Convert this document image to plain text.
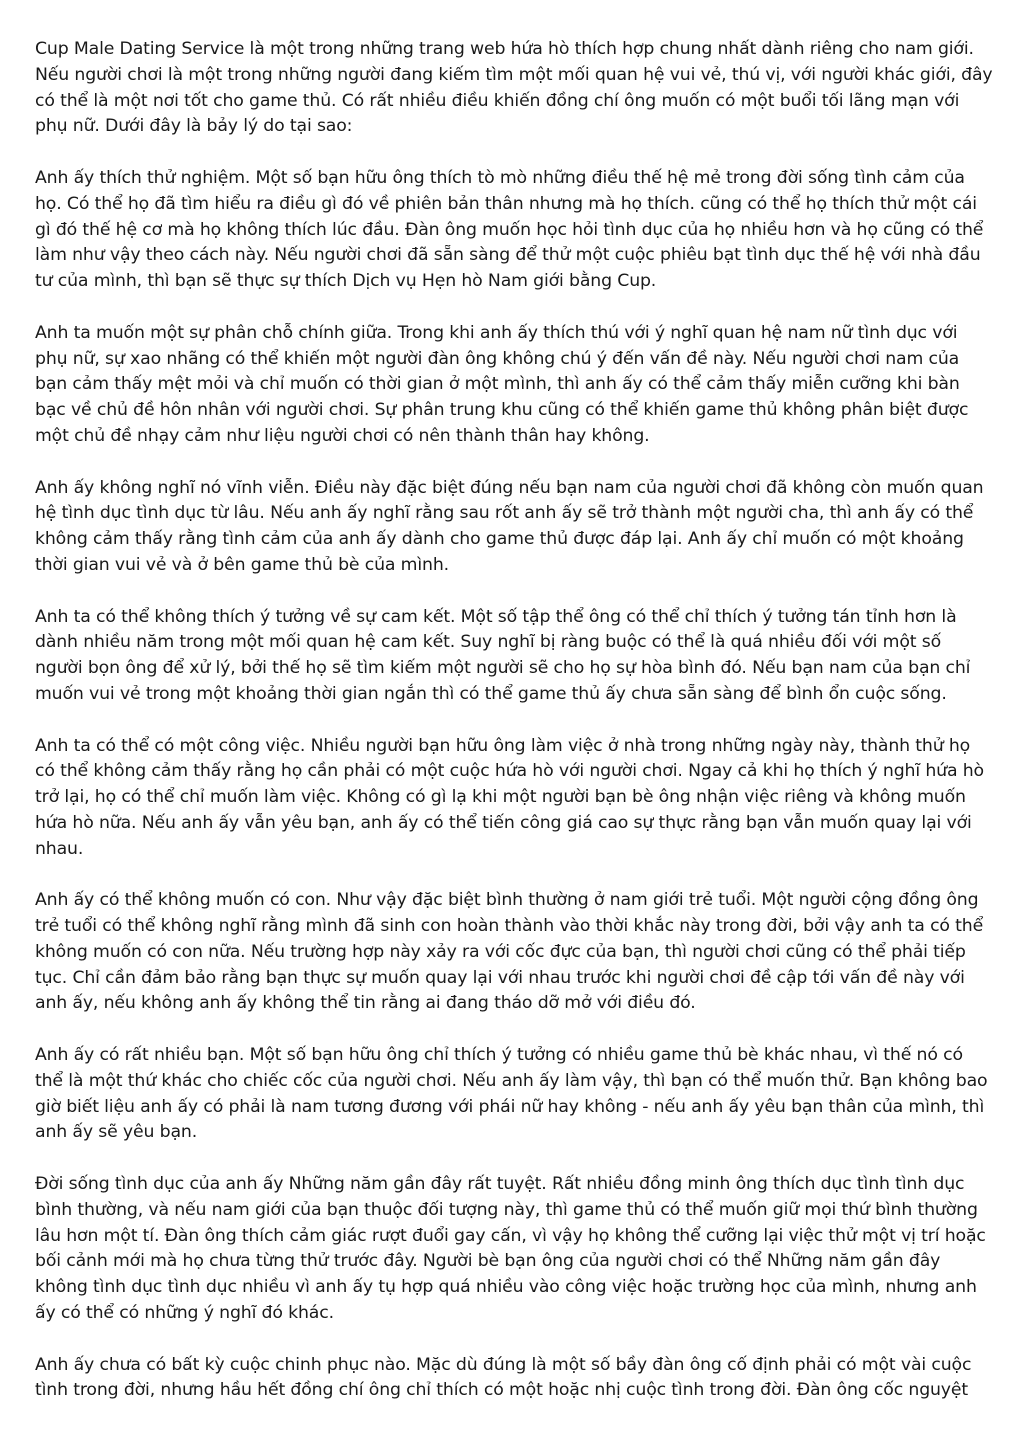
Cup Male Dating Service là một trong những trang web hứa hò thích hợp chung nhất dành riêng cho nam giới. Nếu người chơi là một trong những người đang kiếm tìm một mối quan hệ vui vẻ, thú vị, với người khác giới, đây có thể là một nơi tốt cho game thủ. Có rất nhiều điều khiến đồng chí ông muốn có một buổi tối lãng mạn với phụ nữ. Dưới đây là bảy lý do tại sao:

Anh ấy thích thử nghiệm. Một số bạn hữu ông thích tò mò những điều thế hệ mẻ trong đời sống tình cảm của họ. Có thể họ đã tìm hiểu ra điều gì đó về phiên bản thân nhưng mà họ thích. cũng có thể họ thích thử một cái gì đó thế hệ cơ mà họ không thích lúc đầu. Đàn ông muốn học hỏi tình dục của họ nhiều hơn và họ cũng có thể làm như vậy theo cách này. Nếu người chơi đã sẵn sàng để thử một cuộc phiêu bạt tình dục thế hệ với nhà đầu tư của mình, thì bạn sẽ thực sự thích Dịch vụ Hẹn hò Nam giới bằng Cup.

Anh ta muốn một sự phân chỗ chính giữa. Trong khi anh ấy thích thú với ý nghĩ quan hệ nam nữ tình dục với phụ nữ, sự xao nhãng có thể khiến một người đàn ông không chú ý đến vấn đề này. Nếu người chơi nam của bạn cảm thấy mệt mỏi và chỉ muốn có thời gian ở một mình, thì anh ấy có thể cảm thấy miễn cưỡng khi bàn bạc về chủ đề hôn nhân với người chơi. Sự phân trung khu cũng có thể khiến game thủ không phân biệt được một chủ đề nhạy cảm như liệu người chơi có nên thành thân hay không.

Anh ấy không nghĩ nó vĩnh viễn. Điều này đặc biệt đúng nếu bạn nam của người chơi đã không còn muốn quan hệ tình dục tình dục từ lâu. Nếu anh ấy nghĩ rằng sau rốt anh ấy sẽ trở thành một người cha, thì anh ấy có thể không cảm thấy rằng tình cảm của anh ấy dành cho game thủ được đáp lại. Anh ấy chỉ muốn có một khoảng thời gian vui vẻ và ở bên game thủ bè của mình.

Anh ta có thể không thích ý tưởng về sự cam kết. Một số tập thể ông có thể chỉ thích ý tưởng tán tỉnh hơn là dành nhiều năm trong một mối quan hệ cam kết. Suy nghĩ bị ràng buộc có thể là quá nhiều đối với một số người bọn ông để xử lý, bởi thế họ sẽ tìm kiếm một người sẽ cho họ sự hòa bình đó. Nếu bạn nam của bạn chỉ muốn vui vẻ trong một khoảng thời gian ngắn thì có thể game thủ ấy chưa sẵn sàng để bình ổn cuộc sống.

Anh ta có thể có một công việc. Nhiều người bạn hữu ông làm việc ở nhà trong những ngày này, thành thử họ có thể không cảm thấy rằng họ cần phải có một cuộc hứa hò với người chơi. Ngay cả khi họ thích ý nghĩ hứa hò trở lại, họ có thể chỉ muốn làm việc. Không có gì lạ khi một người bạn bè ông nhận việc riêng và không muốn hứa hò nữa. Nếu anh ấy vẫn yêu bạn, anh ấy có thể tiến công giá cao sự thực rằng bạn vẫn muốn quay lại với nhau.

Anh ấy có thể không muốn có con. Như vậy đặc biệt bình thường ở nam giới trẻ tuổi. Một người cộng đồng ông trẻ tuổi có thể không nghĩ rằng mình đã sinh con hoàn thành vào thời khắc này trong đời, bởi vậy anh ta có thể không muốn có con nữa. Nếu trường hợp này xảy ra với cốc đực của bạn, thì người chơi cũng có thể phải tiếp tục. Chỉ cần đảm bảo rằng bạn thực sự muốn quay lại với nhau trước khi người chơi đề cập tới vấn đề này với anh ấy, nếu không anh ấy không thể tin rằng ai đang tháo dỡ mở với điều đó.

Anh ấy có rất nhiều bạn. Một số bạn hữu ông chỉ thích ý tưởng có nhiều game thủ bè khác nhau, vì thế nó có thể là một thứ khác cho chiếc cốc của người chơi. Nếu anh ấy làm vậy, thì bạn có thể muốn thử. Bạn không bao giờ biết liệu anh ấy có phải là nam tương đương với phái nữ hay không - nếu anh ấy yêu bạn thân của mình, thì anh ấy sẽ yêu bạn.

Đời sống tình dục của anh ấy Những năm gần đây rất tuyệt. Rất nhiều đồng minh ông thích dục tình tình dục bình thường, và nếu nam giới của bạn thuộc đối tượng này, thì game thủ có thể muốn giữ mọi thứ bình thường lâu hơn một tí. Đàn ông thích cảm giác rượt đuổi gay cấn, vì vậy họ không thể cưỡng lại việc thử một vị trí hoặc bối cảnh mới mà họ chưa từng thử trước đây. Người bè bạn ông của người chơi có thể Những năm gần đây không tình dục tình dục nhiều vì anh ấy tụ hợp quá nhiều vào công việc hoặc trường học của mình, nhưng anh ấy có thể có những ý nghĩ đó khác.

Anh ấy chưa có bất kỳ cuộc chinh phục nào. Mặc dù đúng là một số bầy đàn ông cố định phải có một vài cuộc tình trong đời, nhưng hầu hết đồng chí ông chỉ thích có một hoặc nhị cuộc tình trong đời. Đàn ông cốc nguyệt
